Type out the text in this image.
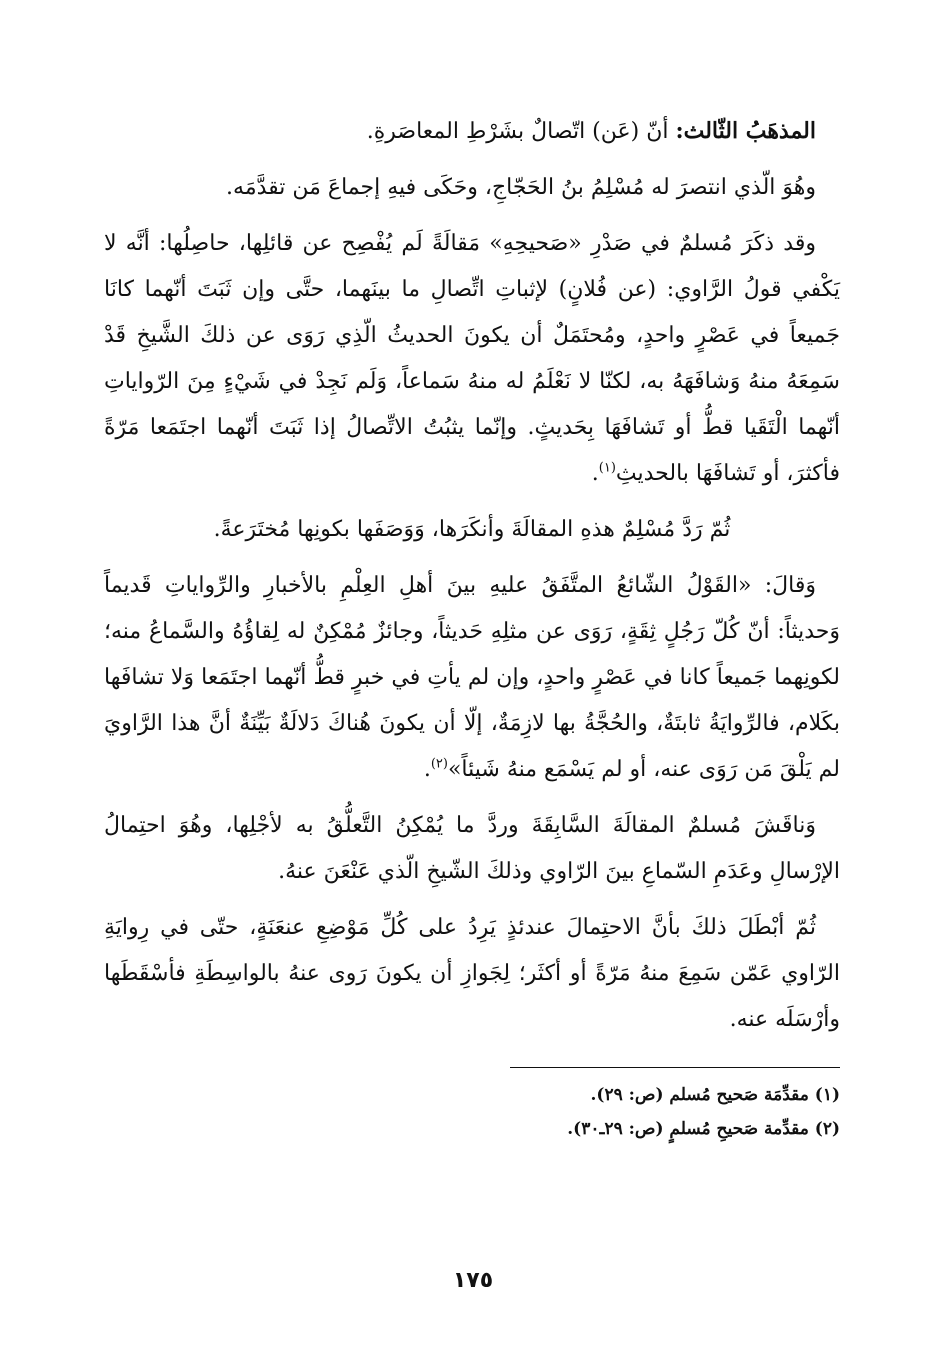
المذهَبُ الثّالث: أنّ (عَن) اتّصالٌ بشَرْطِ المعاصَرةِ.

وهُوَ الّذي انتصرَ له مُسْلِمُ بنُ الحَجّاجِ، وحَكَى فيهِ إجماعَ مَن تقدَّمَه.

وقد ذكَرَ مُسلمٌ في صَدْرِ «صَحيحِهِ» مَقالَةً لَم يُفْصِح عن قائلِها، حاصِلُها: أنَّه لا يَكْفي قولُ الرَّاوي: (عن فُلانٍ) لإثباتِ اتِّصالِ ما بينَهما، حتَّى وإن ثَبَتَ أنّهما كانَا جَميعاً في عَصْرٍ واحدٍ، ومُحتَمَلٌ أن يكونَ الحديثُ الّذِي رَوَى عن ذلكَ الشَّيخِ قَدْ سَمِعَهُ منهُ وَشافَهَهُ به، لكنّا لا نَعْلَمُ له منهُ سَماعاً، وَلَم نَجِدْ في شَيْءٍ مِنَ الرّواياتِ أنّهما الْتَقَيا قطُّ أو تَشافَهَا بِحَديثٍ. وإنّما يثبُتُ الاتِّصالُ إذا ثَبَتَ أنّهما اجتَمَعا مَرّةً فأكثرَ، أو تَشافَهَا بالحديثِ$^{(١)}$.

ثُمّ رَدَّ مُسْلِمٌ هذهِ المقالَةَ وأنكَرَها، وَوَصَفَها بكونِها مُختَرَعةً.

وَقالَ: «القَوْلُ الشّائعُ المتَّفَقُ عليهِ بينَ أهلِ العِلْمِ بالأخبارِ والرِّواياتِ قَديماً وَحديثاً: أنّ كُلّ رَجُلٍ ثِقَةٍ، رَوَى عن مثلِهِ حَديثاً، وجائزٌ مُمْكِنٌ له لِقاؤُهُ والسَّماعُ منه؛ لكونِهما جَميعاً كانا في عَصْرٍ واحدٍ، وإن لم يأتِ في خبرٍ قطُّ أنّهما اجتَمَعا وَلا تشافَها بكَلام، فالرِّوايَةُ ثابتَةٌ، والحُجَّةُ بها لازِمَةٌ، إلّا أن يكونَ هُناكَ دَلالَةٌ بَيِّنَةٌ أنَّ هذا الرَّاويَ لم يَلْقَ مَن رَوَى عنه، أو لم يَسْمَع منهُ شَيئاً»$^{(٢)}$.

وَناقَشَ مُسلمٌ المقالَةَ السَّابِقَةَ وردَّ ما يُمْكِنُ التَّعلُّقُ به لأجْلِها، وهُوَ احتِمالُ الإرْسالِ وعَدَمِ السّماعِ بينَ الرّاوي وذلكَ الشّيخِ الّذي عَنْعَنَ عنهُ.

ثُمّ أبْطَلَ ذلكَ بأنَّ الاحتِمالَ عندئذٍ يَرِدُ على كُلِّ مَوْضِعِ عنعَنَةٍ، حتّى في رِوايَةِ الرّاوي عَمّن سَمِعَ منهُ مَرّةً أو أكثَر؛ لِجَوازِ أن يكونَ رَوى عنهُ بالواسِطَةِ فأسْقَطَها وأرْسَلَه عنه.

(١) مقدِّمَة صَحيح مُسلم (ص: ٢٩).

(٢) مقدِّمة صَحيحِ مُسلمٍ (ص: ٢٩ـ٣٠).

١٧٥
